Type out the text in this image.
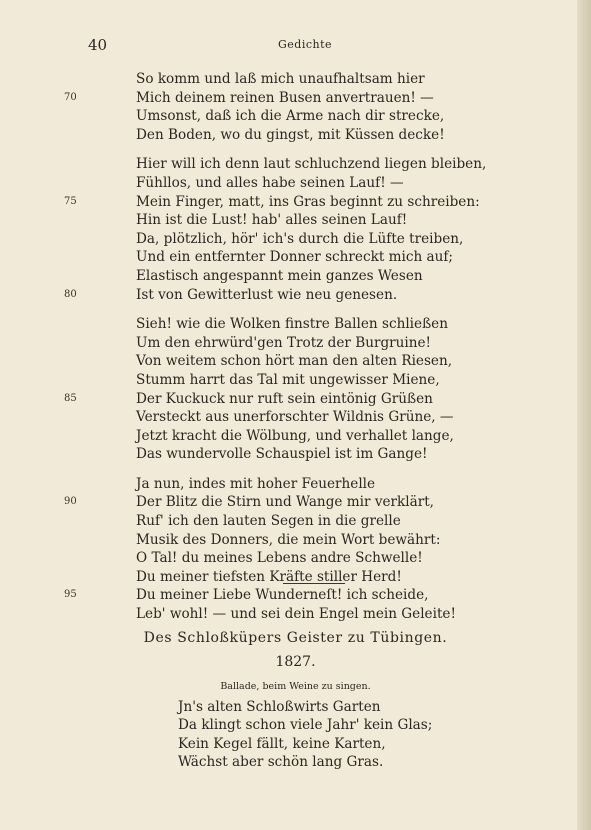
40	Gedichte
So komm und laß mich unaufhaltsam hier
70	Mich deinem reinen Busen anvertrauen! —
Umsonst, daß ich die Arme nach dir strecke,
Den Boden, wo du gingst, mit Küssen decke!
Hier will ich denn laut schluchzend liegen bleiben,
Fühllos, und alles habe seinen Lauf! —
75	Mein Finger, matt, ins Gras beginnt zu schreiben:
Hin ist die Lust! hab' alles seinen Lauf!
Da, plötzlich, hör' ich's durch die Lüfte treiben,
Und ein entfernter Donner schreckt mich auf;
Elastisch angespannt mein ganzes Wesen
80	Ist von Gewitterlust wie neu genesen.
Sieh! wie die Wolken finstre Ballen schließen
Um den ehrwürd'gen Trotz der Burgruine!
Von weitem schon hört man den alten Riesen,
Stumm harrt das Tal mit ungewisser Miene,
85	Der Kuckuck nur ruft sein eintönig Grüßen
Versteckt aus unerforschter Wildnis Grüne, —
Jetzt kracht die Wölbung, und verhallet lange,
Das wundervolle Schauspiel ist im Gange!
Ja nun, indes mit hoher Feuerhelle
90	Der Blitz die Stirn und Wange mir verklärt,
Ruf' ich den lauten Segen in die grelle
Musik des Donners, die mein Wort bewährt:
O Tal! du meines Lebens andre Schwelle!
Du meiner tiefsten Kräfte stiller Herd!
95	Du meiner Liebe Wunderneſt! ich scheide,
Leb' wohl! — und sei dein Engel mein Geleite!
Des Schloßküpers Geister zu Tübingen.
1827.
Ballade, beim Weine zu singen.
Jn's alten Schloßwirts Garten
Da klingt schon viele Jahr' kein Glas;
Kein Kegel fällt, keine Karten,
Wächst aber schön lang Gras.
